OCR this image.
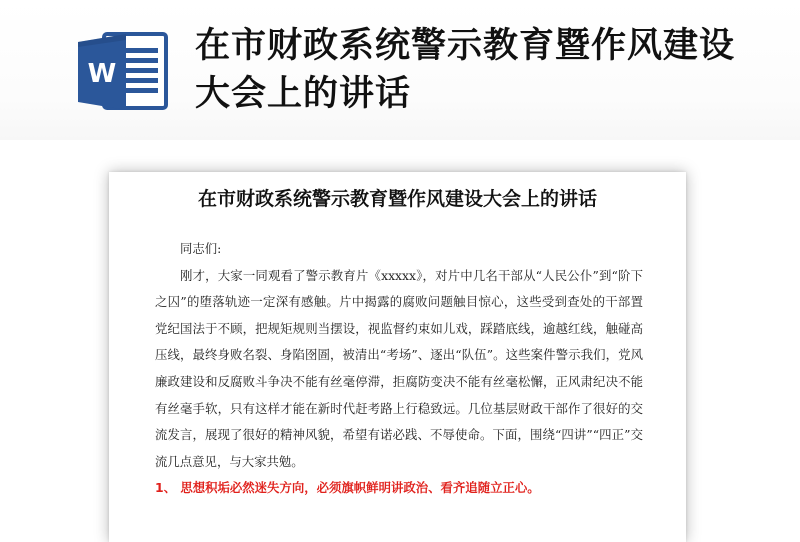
W
在市财政系统警示教育暨作风建设大会上的讲话
在市财政系统警示教育暨作风建设大会上的讲话

同志们:

刚才，大家一同观看了警示教育片《xxxxx》，对片中几名干部从“人民公仆”到“阶下之囚”的堕落轨迹一定深有感触。片中揭露的腐败问题触目惊心，这些受到查处的干部置党纪国法于不顾，把规矩规则当摆设，视监督约束如儿戏，踩踏底线，逾越红线，触碰高压线，最终身败名裂、身陷囹圄，被清出“考场”、逐出“队伍”。这些案件警示我们，党风廉政建设和反腐败斗争决不能有丝毫停滞，拒腐防变决不能有丝毫松懈，正风肃纪决不能有丝毫手软，只有这样才能在新时代赶考路上行稳致远。几位基层财政干部作了很好的交流发言，展现了很好的精神风貌，希望有诺必践、不辱使命。下面，围绕“四讲”“四正”交流几点意见，与大家共勉。

1、 思想积垢必然迷失方向，必须旗帜鲜明讲政治、看齐追随立正心。
